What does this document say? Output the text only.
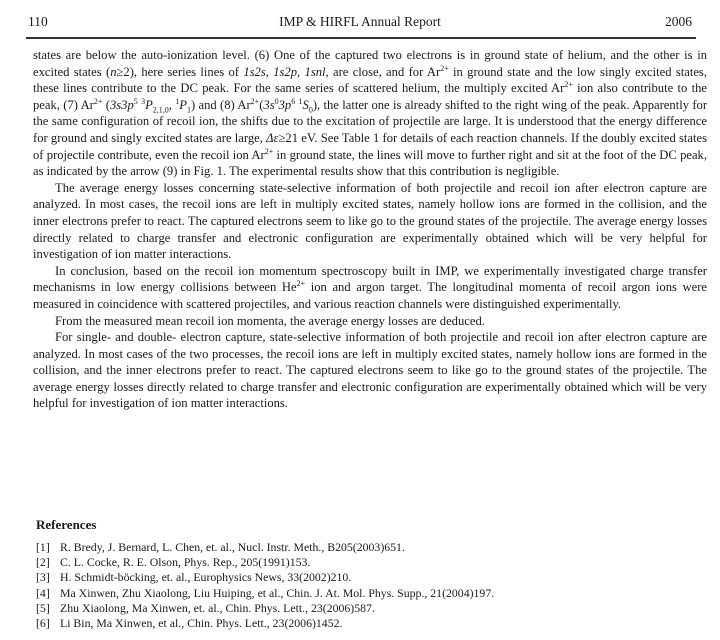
110	IMP & HIRFL Annual Report	2006

states are below the auto-ionization level. (6) One of the captured two electrons is in ground state of helium, and the other is in excited states (n≥2), here series lines of 1s2s, 1s2p, 1snl, are close, and for $Ar^{2+}$ in ground state and the low singly excited states, these lines contribute to the DC peak. For the same series of scattered helium, the multiply excited $Ar^{2+}$ ion also contribute to the peak, (7) $Ar^{2+}$ ($3s3p^5$ $^3P_{2,1,0}$, $^1P_1$) and (8) $Ar^{2+}(3s^03p^6$ $^1S_0$), the latter one is already shifted to the right wing of the peak. Apparently for the same configuration of recoil ion, the shifts due to the excitation of projectile are large. It is understood that the energy difference for ground and singly excited states are large, Δε≥21 eV. See Table 1 for details of each reaction channels. If the doubly excited states of projectile contribute, even the recoil ion $Ar^{2+}$ in ground state, the lines will move to further right and sit at the foot of the DC peak, as indicated by the arrow (9) in Fig. 1. The experimental results show that this contribution is negligible.

The average energy losses concerning state-selective information of both projectile and recoil ion after electron capture are analyzed. In most cases, the recoil ions are left in multiply excited states, namely hollow ions are formed in the collision, and the inner electrons prefer to react. The captured electrons seem to like go to the ground states of the projectile. The average energy losses directly related to charge transfer and electronic configuration are experimentally obtained which will be very helpful for investigation of ion matter interactions.

In conclusion, based on the recoil ion momentum spectroscopy built in IMP, we experimentally investigated charge transfer mechanisms in low energy collisions between $He^{2+}$ ion and argon target. The longitudinal momenta of recoil argon ions were measured in coincidence with scattered projectiles, and various reaction channels were distinguished experimentally.

From the measured mean recoil ion momenta, the average energy losses are deduced.

For single- and double- electron capture, state-selective information of both projectile and recoil ion after electron capture are analyzed. In most cases of the two processes, the recoil ions are left in multiply excited states, namely hollow ions are formed in the collision, and the inner electrons prefer to react. The captured electrons seem to like go to the ground states of the projectile. The average energy losses directly related to charge transfer and electronic configuration are experimentally obtained which will be very helpful for investigation of ion matter interactions.

References
[1] R. Bredy, J. Bernard, L. Chen, et. al., Nucl. Instr. Meth., B205(2003)651.
[2] C. L. Cocke, R. E. Olson, Phys. Rep., 205(1991)153.
[3] H. Schmidt-böcking, et. al., Europhysics News, 33(2002)210.
[4] Ma Xinwen, Zhu Xiaolong, Liu Huiping, et al., Chin. J. At. Mol. Phys. Supp., 21(2004)197.
[5] Zhu Xiaolong, Ma Xinwen, et. al., Chin. Phys. Lett., 23(2006)587.
[6] Li Bin, Ma Xinwen, et al., Chin. Phys. Lett., 23(2006)1452.
